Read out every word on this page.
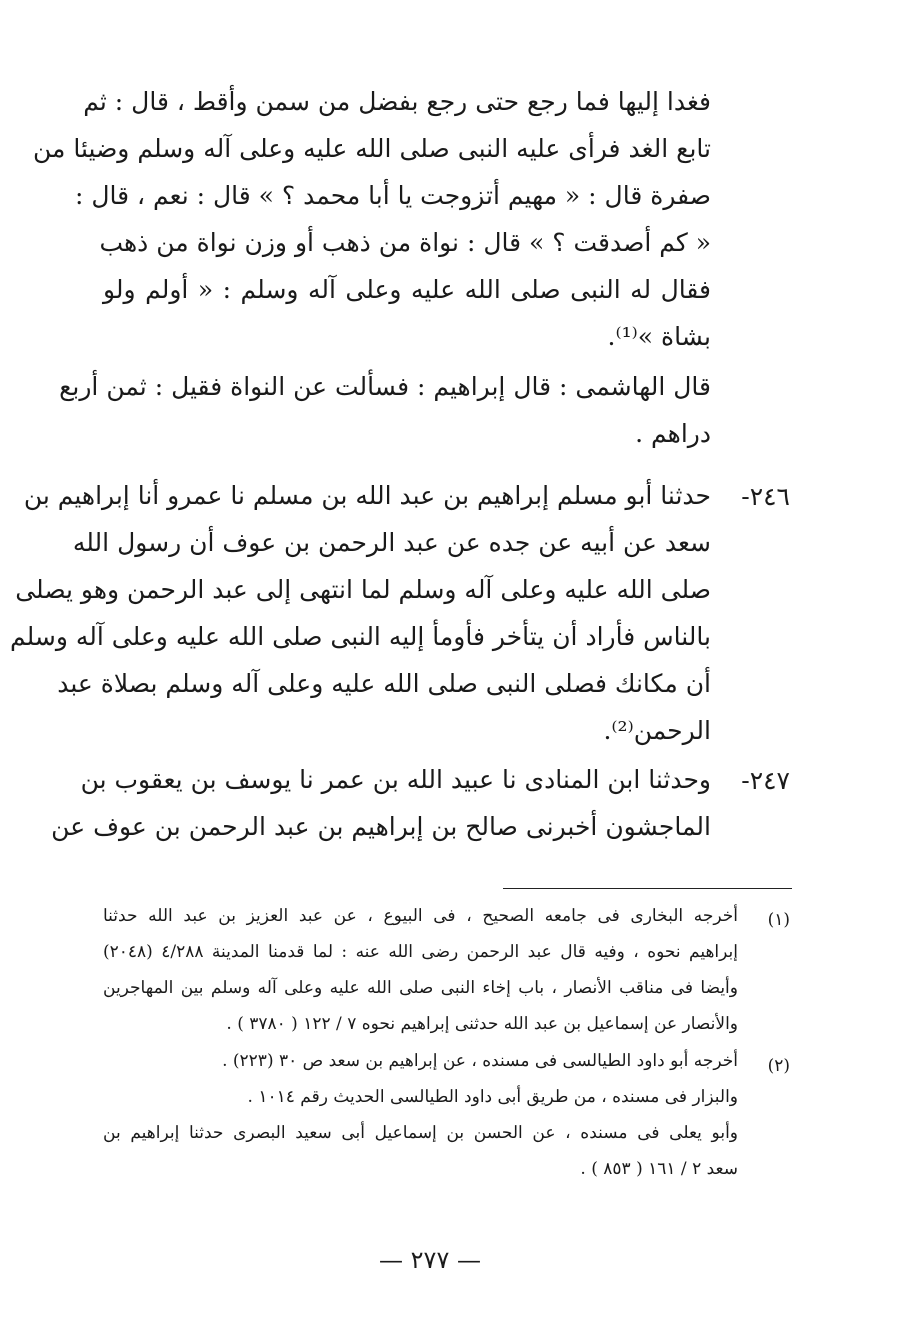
فغدا إليها فما رجع حتى رجع بفضل من سمن وأقط ، قال : ثم
تابع الغد فرأى عليه النبى صلى الله عليه وعلى آله وسلم وضيئا من
صفرة قال : « مهيم أتزوجت يا أبا محمد ؟ » قال : نعم ، قال :
« كم أصدقت ؟ » قال : نواة من ذهب أو وزن نواة من ذهب
فقال له النبى صلى الله عليه وعلى آله وسلم : « أولم ولو
بشاة »⁽¹⁾.
قال الهاشمى : قال إبراهيم : فسألت عن النواة فقيل : ثمن أربع
دراهم .
٢٤٦-
حدثنا أبو مسلم إبراهيم بن عبد الله بن مسلم نا عمرو أنا إبراهيم بن
سعد عن أبيه عن جده عن عبد الرحمن بن عوف أن رسول الله
صلى الله عليه وعلى آله وسلم لما انتهى إلى عبد الرحمن وهو يصلى
بالناس فأراد أن يتأخر فأومأ إليه النبى صلى الله عليه وعلى آله وسلم
أن مكانك فصلى النبى صلى الله عليه وعلى آله وسلم بصلاة عبد
الرحمن⁽²⁾.
٢٤٧-
وحدثنا ابن المنادى نا عبيد الله بن عمر نا يوسف بن يعقوب بن
الماجشون أخبرنى صالح بن إبراهيم بن عبد الرحمن بن عوف عن
(١)
أخرجه البخارى فى جامعه الصحيح ، فى البيوع ، عن عبد العزيز بن عبد الله حدثنا
إبراهيم نحوه ، وفيه قال عبد الرحمن رضى الله عنه : لما قدمنا المدينة ٤/٢٨٨ (٢٠٤٨)
وأيضا فى مناقب الأنصار ، باب إخاء النبى صلى الله عليه وعلى آله وسلم بين المهاجرين
والأنصار عن إسماعيل بن عبد الله حدثنى إبراهيم نحوه ٧ / ١٢٢ ( ٣٧٨٠ ) .
(٢)
أخرجه أبو داود الطيالسى فى مسنده ، عن إبراهيم بن سعد ص ٣٠ (٢٢٣) .
والبزار فى مسنده ، من طريق أبى داود الطيالسى الحديث رقم ١٠١٤ .
وأبو يعلى فى مسنده ، عن الحسن بن إسماعيل أبى سعيد البصرى حدثنا إبراهيم بن
سعد ٢ / ١٦١ ( ٨٥٣ ) .
— ٢٧٧ —
